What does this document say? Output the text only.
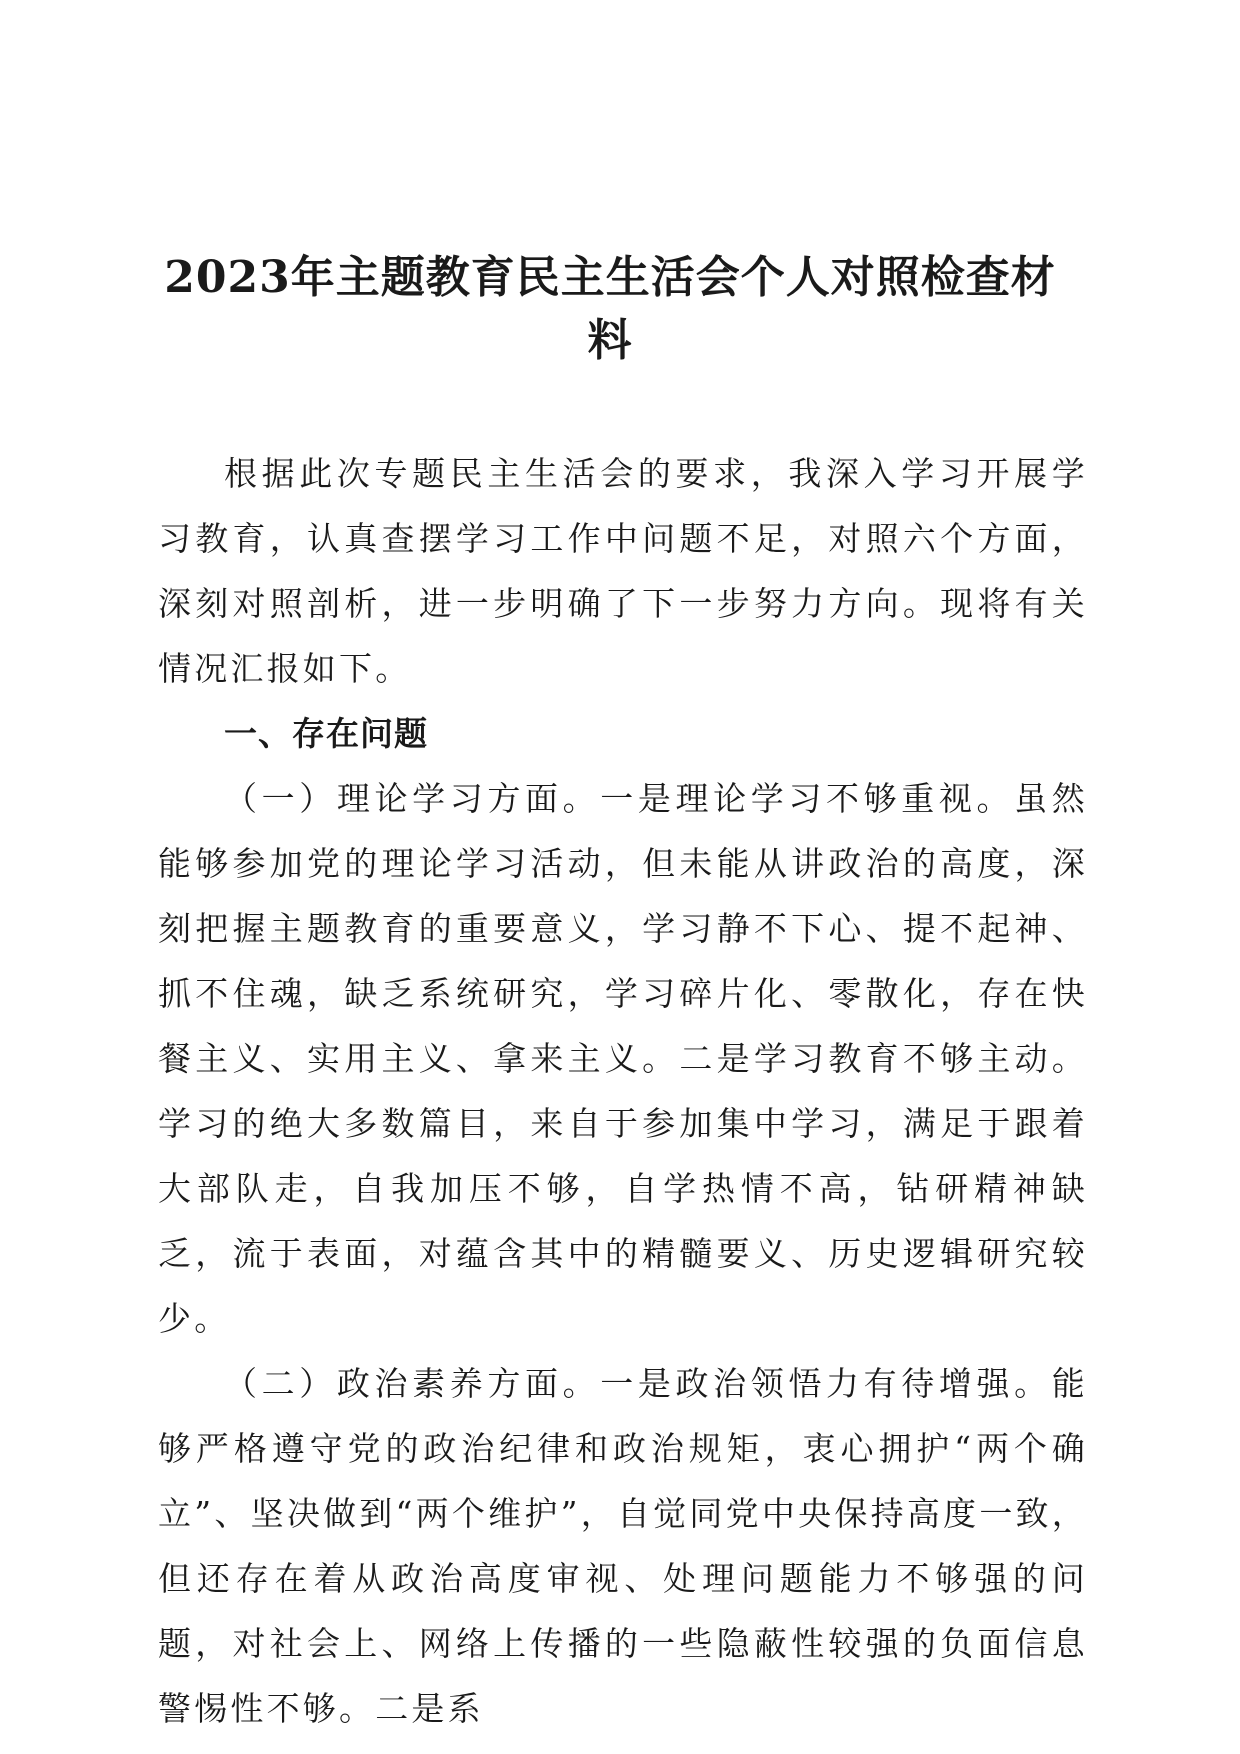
2023年主题教育民主生活会个人对照检查材料

根据此次专题民主生活会的要求，我深入学习开展学习教育，认真查摆学习工作中问题不足，对照六个方面，深刻对照剖析，进一步明确了下一步努力方向。现将有关情况汇报如下。

一、存在问题

（一）理论学习方面。一是理论学习不够重视。虽然能够参加党的理论学习活动，但未能从讲政治的高度，深刻把握主题教育的重要意义，学习静不下心、提不起神、抓不住魂，缺乏系统研究，学习碎片化、零散化，存在快餐主义、实用主义、拿来主义。二是学习教育不够主动。学习的绝大多数篇目，来自于参加集中学习，满足于跟着大部队走，自我加压不够，自学热情不高，钻研精神缺乏，流于表面，对蕴含其中的精髓要义、历史逻辑研究较少。

（二）政治素养方面。一是政治领悟力有待增强。能够严格遵守党的政治纪律和政治规矩，衷心拥护“两个确立”、坚决做到“两个维护”，自觉同党中央保持高度一致，但还存在着从政治高度审视、处理问题能力不够强的问题，对社会上、网络上传播的一些隐蔽性较强的负面信息警惕性不够。二是系
